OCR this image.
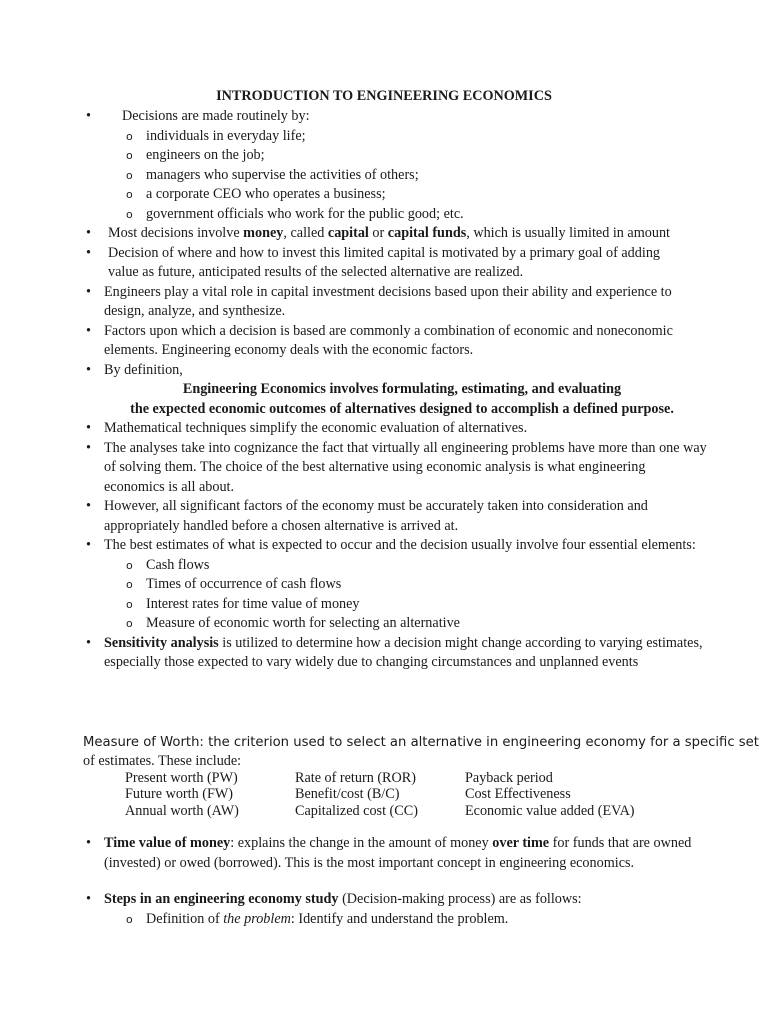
INTRODUCTION TO ENGINEERING ECONOMICS
• Decisions are made routinely by:
o individuals in everyday life;
o engineers on the job;
o managers who supervise the activities of others;
o a corporate CEO who operates a business;
o government officials who work for the public good; etc.
• Most decisions involve money, called capital or capital funds, which is usually limited in amount
• Decision of where and how to invest this limited capital is motivated by a primary goal of adding
value as future, anticipated results of the selected alternative are realized.
• Engineers play a vital role in capital investment decisions based upon their ability and experience to design, analyze, and synthesize.
• Factors upon which a decision is based are commonly a combination of economic and noneconomic elements. Engineering economy deals with the economic factors.
• By definition,
Engineering Economics involves formulating, estimating, and evaluating
the expected economic outcomes of alternatives designed to accomplish a defined purpose.
• Mathematical techniques simplify the economic evaluation of alternatives.
• The analyses take into cognizance the fact that virtually all engineering problems have more than one way of solving them. The choice of the best alternative using economic analysis is what engineering economics is all about.
• However, all significant factors of the economy must be accurately taken into consideration and appropriately handled before a chosen alternative is arrived at.
• The best estimates of what is expected to occur and the decision usually involve four essential elements:
o Cash flows
o Times of occurrence of cash flows
o Interest rates for time value of money
o Measure of economic worth for selecting an alternative
• Sensitivity analysis is utilized to determine how a decision might change according to varying estimates, especially those expected to vary widely due to changing circumstances and unplanned events
Measure of Worth: the criterion used to select an alternative in engineering economy for a specific set
of estimates. These include:
Present worth (PW)	Rate of return (ROR)	Payback period
Future worth (FW)	Benefit/cost (B/C)	Cost Effectiveness
Annual worth (AW)	Capitalized cost (CC)	Economic value added (EVA)
• Time value of money: explains the change in the amount of money over time for funds that are owned (invested) or owed (borrowed). This is the most important concept in engineering economics.
• Steps in an engineering economy study (Decision-making process) are as follows:
o Definition of the problem: Identify and understand the problem.
